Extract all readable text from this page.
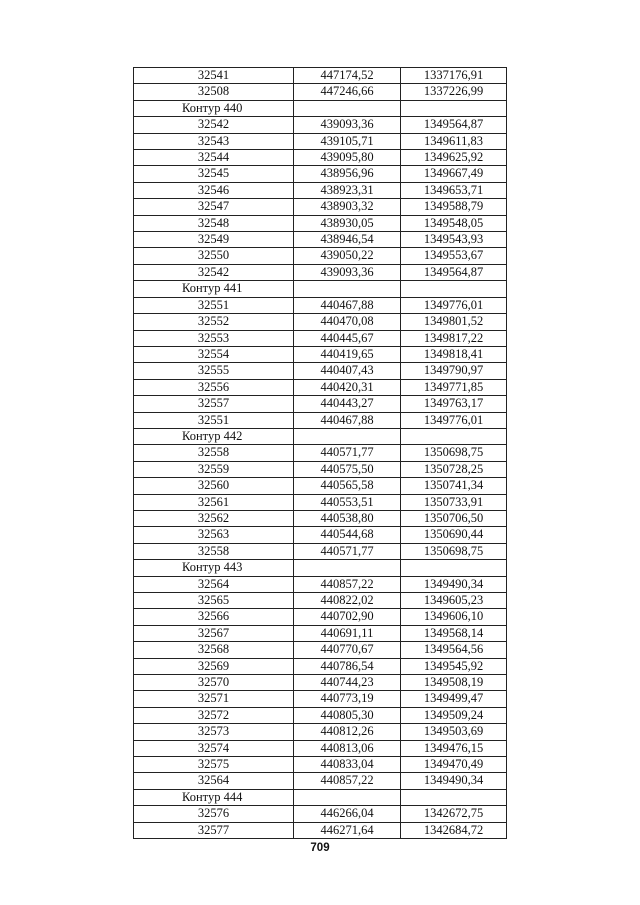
32541	447174,52	1337176,91
32508	447246,66	1337226,99
Контур 440		
32542	439093,36	1349564,87
32543	439105,71	1349611,83
32544	439095,80	1349625,92
32545	438956,96	1349667,49
32546	438923,31	1349653,71
32547	438903,32	1349588,79
32548	438930,05	1349548,05
32549	438946,54	1349543,93
32550	439050,22	1349553,67
32542	439093,36	1349564,87
Контур 441		
32551	440467,88	1349776,01
32552	440470,08	1349801,52
32553	440445,67	1349817,22
32554	440419,65	1349818,41
32555	440407,43	1349790,97
32556	440420,31	1349771,85
32557	440443,27	1349763,17
32551	440467,88	1349776,01
Контур 442		
32558	440571,77	1350698,75
32559	440575,50	1350728,25
32560	440565,58	1350741,34
32561	440553,51	1350733,91
32562	440538,80	1350706,50
32563	440544,68	1350690,44
32558	440571,77	1350698,75
Контур 443		
32564	440857,22	1349490,34
32565	440822,02	1349605,23
32566	440702,90	1349606,10
32567	440691,11	1349568,14
32568	440770,67	1349564,56
32569	440786,54	1349545,92
32570	440744,23	1349508,19
32571	440773,19	1349499,47
32572	440805,30	1349509,24
32573	440812,26	1349503,69
32574	440813,06	1349476,15
32575	440833,04	1349470,49
32564	440857,22	1349490,34
Контур 444		
32576	446266,04	1342672,75
32577	446271,64	1342684,72
709
